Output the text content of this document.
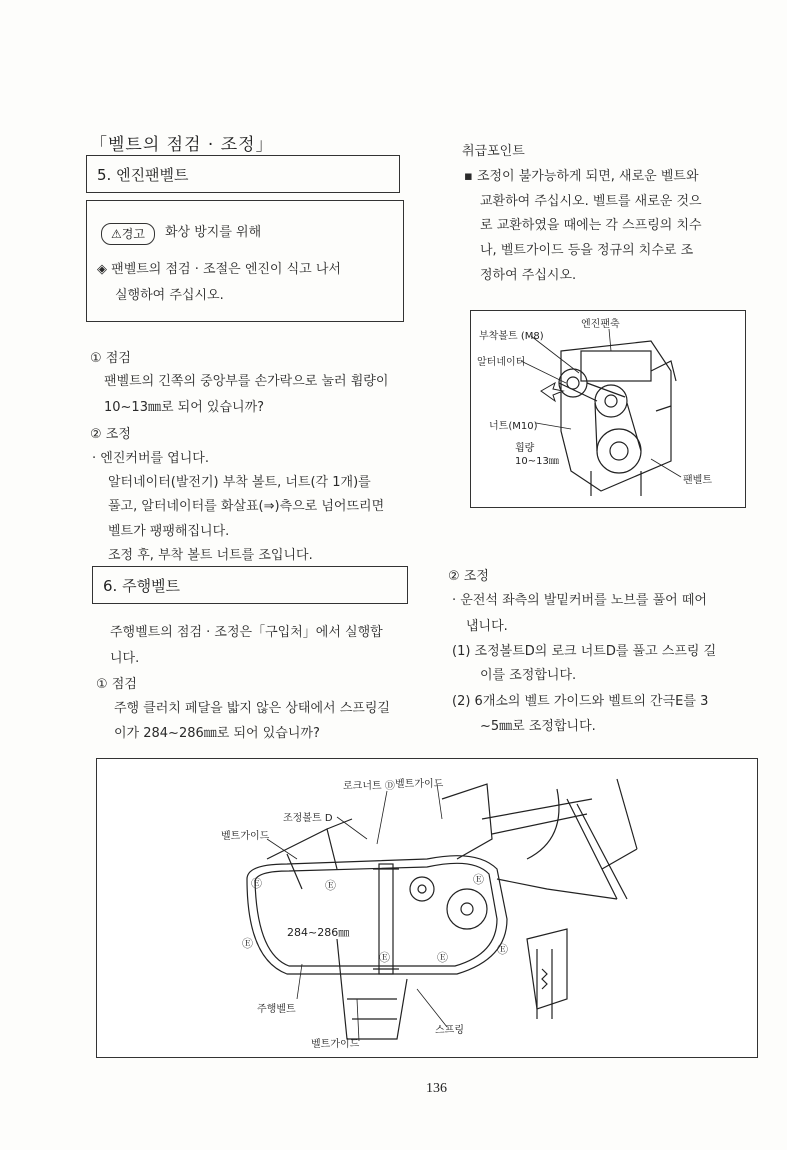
「벨트의 점검 · 조정」
5. 엔진팬벨트
⚠경고	화상 방지를 위해
◈ 팬벨트의 점검 · 조절은 엔진이 식고 나서
실행하여 주십시오.
① 점검
팬벨트의 긴쪽의 중앙부를 손가락으로 눌러 휨량이
10~13㎜로 되어 있습니까?
② 조정
· 엔진커버를 엽니다.
알터네이터(발전기) 부착 볼트, 너트(각 1개)를
풀고, 알터네이터를 화살표(⇒)측으로 넘어뜨리면
벨트가 팽팽해집니다.
조정 후, 부착 볼트 너트를 조입니다.
취급포인트
▪ 조정이 불가능하게 되면, 새로운 벨트와
교환하여 주십시오. 벨트를 새로운 것으
로 교환하였을 때에는 각 스프링의 치수
나, 벨트가이드 등을 정규의 치수로 조
정하여 주십시오.
부착볼트 (M8)
엔진팬축
알터네이터
너트(M10)
휨량
10~13㎜
팬벨트
6. 주행벨트
주행벨트의 점검 · 조정은「구입처」에서 실행합
니다.
① 점검
주행 클러치 페달을 밟지 않은 상태에서 스프링길
이가 284~286㎜로 되어 있습니까?
② 조정
· 운전석 좌측의 발밑커버를 노브를 풀어 떼어
냅니다.
(1) 조정볼트D의 로크 너트D를 풀고 스프링 길
이를 조정합니다.
(2) 6개소의 벨트 가이드와 벨트의 간극E를 3
~5㎜로 조정합니다.
로크너트 Ⓓ 벨트가이드
조정볼트 D
벨트가이드
284~286㎜
주행벨트
스프링
벨트가이드
Ⓔ	Ⓔ
Ⓔ
Ⓔ	Ⓔ
Ⓔ
Ⓔ
136
